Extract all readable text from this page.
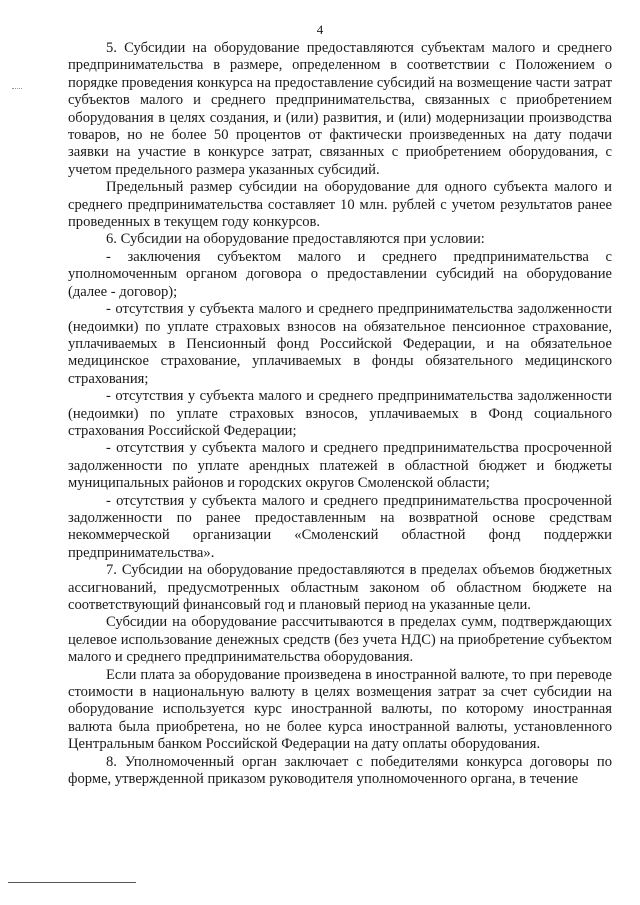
4

5. Субсидии на оборудование предоставляются субъектам малого и среднего предпринимательства в размере, определенном в соответствии с Положением о порядке проведения конкурса на предоставление субсидий на возмещение части затрат субъектов малого и среднего предпринимательства, связанных с приобретением оборудования в целях создания, и (или) развития, и (или) модернизации производства товаров, но не более 50 процентов от фактически произведенных на дату подачи заявки на участие в конкурсе затрат, связанных с приобретением оборудования, с учетом предельного размера указанных субсидий.

Предельный размер субсидии на оборудование для одного субъекта малого и среднего предпринимательства составляет 10 млн. рублей с учетом результатов ранее проведенных в текущем году конкурсов.

6. Субсидии на оборудование предоставляются при условии:

- заключения субъектом малого и среднего предпринимательства с уполномоченным органом договора о предоставлении субсидий на оборудование (далее - договор);

- отсутствия у субъекта малого и среднего предпринимательства задолженности (недоимки) по уплате страховых взносов на обязательное пенсионное страхование, уплачиваемых в Пенсионный фонд Российской Федерации, и на обязательное медицинское страхование, уплачиваемых в фонды обязательного медицинского страхования;

- отсутствия у субъекта малого и среднего предпринимательства задолженности (недоимки) по уплате страховых взносов, уплачиваемых в Фонд социального страхования Российской Федерации;

- отсутствия у субъекта малого и среднего предпринимательства просроченной задолженности по уплате арендных платежей в областной бюджет и бюджеты муниципальных районов и городских округов Смоленской области;

- отсутствия у субъекта малого и среднего предпринимательства просроченной задолженности по ранее предоставленным на возвратной основе средствам некоммерческой организации «Смоленский областной фонд поддержки предпринимательства».

7. Субсидии на оборудование предоставляются в пределах объемов бюджетных ассигнований, предусмотренных областным законом об областном бюджете на соответствующий финансовый год и плановый период на указанные цели.

Субсидии на оборудование рассчитываются в пределах сумм, подтверждающих целевое использование денежных средств (без учета НДС) на приобретение субъектом малого и среднего предпринимательства оборудования.

Если плата за оборудование произведена в иностранной валюте, то при переводе стоимости в национальную валюту в целях возмещения затрат за счет субсидии на оборудование используется курс иностранной валюты, по которому иностранная валюта была приобретена, но не более курса иностранной валюты, установленного Центральным банком Российской Федерации на дату оплаты оборудования.

8. Уполномоченный орган заключает с победителями конкурса договоры по форме, утвержденной приказом руководителя уполномоченного органа, в течение
